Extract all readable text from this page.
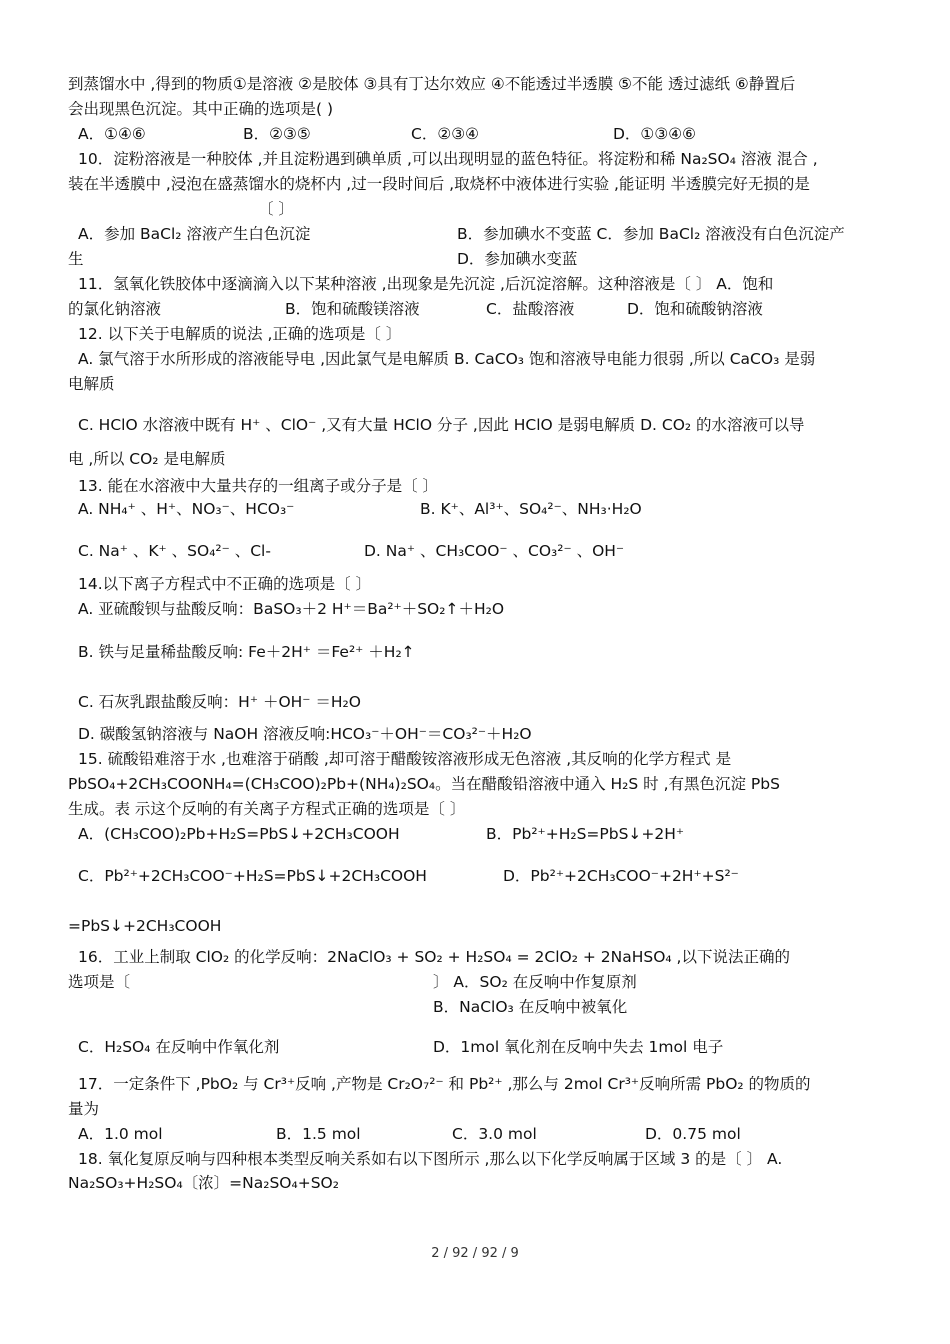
到蒸馏水中 ,得到的物质①是溶液 ②是胶体 ③具有丁达尔效应 ④不能透过半透膜 ⑤不能 透过滤纸 ⑥静置后
会出现黑色沉淀。其中正确的选项是( )
A．①④⑥	B．②③⑤	C．②③④	D．①③④⑥
10．淀粉溶液是一种胶体 ,并且淀粉遇到碘单质 ,可以出现明显的蓝色特征。将淀粉和稀 Na₂SO₄ 溶液 混合 ,
装在半透膜中 ,浸泡在盛蒸馏水的烧杯内 ,过一段时间后 ,取烧杯中液体进行实验 ,能证明 半透膜完好无损的是
〔 〕
A．参加 BaCl₂ 溶液产生白色沉淀	B．参加碘水不变蓝 C．参加 BaCl₂ 溶液没有白色沉淀产
生	D．参加碘水变蓝
11．氢氧化铁胶体中逐滴滴入以下某种溶液 ,出现象是先沉淀 ,后沉淀溶解。这种溶液是〔 〕 A．饱和
的氯化钠溶液	B．饱和硫酸镁溶液	C．盐酸溶液	D．饱和硫酸钠溶液
12. 以下关于电解质的说法 ,正确的选项是〔 〕
A. 氯气溶于水所形成的溶液能导电 ,因此氯气是电解质 B. CaCO₃ 饱和溶液导电能力很弱 ,所以 CaCO₃ 是弱
电解质
C. HClO 水溶液中既有 H⁺ 、ClO⁻ ,又有大量 HClO 分子 ,因此 HClO 是弱电解质 D. CO₂ 的水溶液可以导
电 ,所以 CO₂ 是电解质
13. 能在水溶液中大量共存的一组离子或分子是〔 〕
A. NH₄⁺ 、H⁺、NO₃⁻、HCO₃⁻	B. K⁺、Al³⁺、SO₄²⁻、NH₃·H₂O
C. Na⁺ 、K⁺ 、SO₄²⁻ 、Cl-	D. Na⁺ 、CH₃COO⁻ 、CO₃²⁻ 、OH⁻
14.以下离子方程式中不正确的选项是〔 〕
A. 亚硫酸钡与盐酸反响：BaSO₃＋2 H⁺＝Ba²⁺＋SO₂↑＋H₂O
B. 铁与足量稀盐酸反响: Fe＋2H⁺ ＝Fe²⁺ ＋H₂↑
C. 石灰乳跟盐酸反响：H⁺ ＋OH⁻ ＝H₂O
D. 碳酸氢钠溶液与 NaOH 溶液反响:HCO₃⁻＋OH⁻＝CO₃²⁻＋H₂O
15. 硫酸铅难溶于水 ,也难溶于硝酸 ,却可溶于醋酸铵溶液形成无色溶液 ,其反响的化学方程式 是
PbSO₄+2CH₃COONH₄=(CH₃COO)₂Pb+(NH₄)₂SO₄。当在醋酸铅溶液中通入 H₂S 时 ,有黑色沉淀 PbS
生成。表 示这个反响的有关离子方程式正确的选项是〔 〕
A．(CH₃COO)₂Pb+H₂S=PbS↓+2CH₃COOH	B．Pb²⁺+H₂S=PbS↓+2H⁺
C．Pb²⁺+2CH₃COO⁻+H₂S=PbS↓+2CH₃COOH	D．Pb²⁺+2CH₃COO⁻+2H⁺+S²⁻
=PbS↓+2CH₃COOH
16．工业上制取 ClO₂ 的化学反响：2NaClO₃ + SO₂ + H₂SO₄ = 2ClO₂ + 2NaHSO₄ ,以下说法正确的
选项是〔	〕 A．SO₂ 在反响中作复原剂
B．NaClO₃ 在反响中被氧化
C．H₂SO₄ 在反响中作氧化剂	D．1mol 氧化剂在反响中失去 1mol 电子
17．一定条件下 ,PbO₂ 与 Cr³⁺反响 ,产物是 Cr₂O₇²⁻ 和 Pb²⁺ ,那么与 2mol Cr³⁺反响所需 PbO₂ 的物质的
量为
A．1.0 mol	B．1.5 mol	C．3.0 mol	D．0.75 mol
18. 氧化复原反响与四种根本类型反响关系如右以下图所示 ,那么以下化学反响属于区域 3 的是〔 〕 A.
Na₂SO₃+H₂SO₄〔浓〕=Na₂SO₄+SO₂
2 / 92 / 92 / 9
